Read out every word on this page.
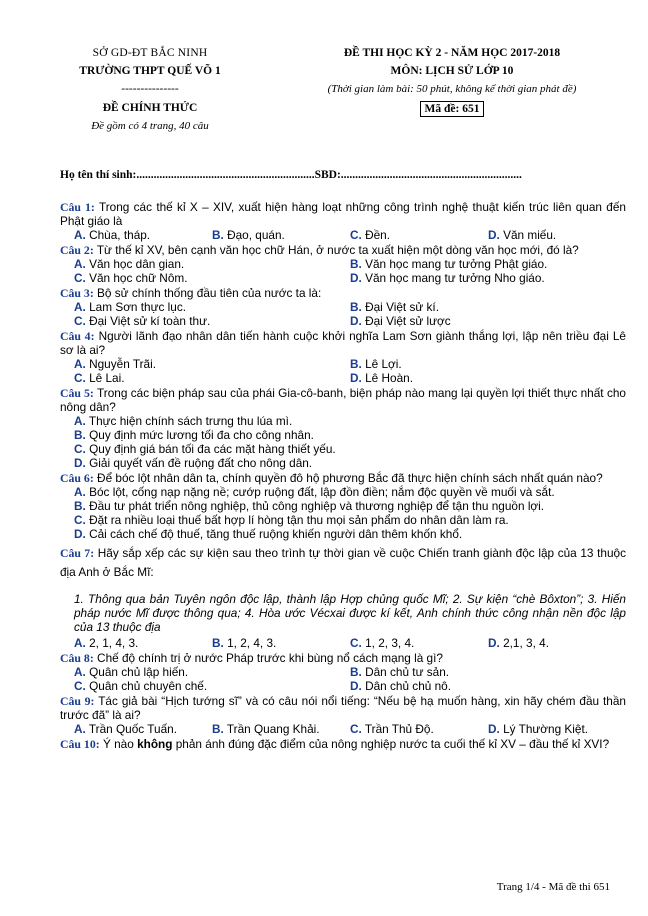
SỞ GD-ĐT BẮC NINH
TRƯỜNG THPT QUẾ VÕ 1
---------------
ĐỀ CHÍNH THỨC
Đề gồm có 4 trang, 40 câu
ĐỀ THI HỌC KỲ 2 - NĂM HỌC 2017-2018
MÔN: LỊCH SỬ LỚP 10
(Thời gian làm bài: 50 phút, không kể thời gian phát đề)
Mã đề: 651
Họ tên thí sinh:..............................................................SBD:...............................................................
Câu 1: Trong các thế kỉ X – XIV, xuất hiện hàng loạt những công trình nghệ thuật kiến trúc liên quan đến Phật giáo là
A. Chùa, tháp.	B. Đạo, quán.	C. Đền.	D. Văn miếu.
Câu 2: Từ thế kỉ XV, bên cạnh văn học chữ Hán, ở nước ta xuất hiện một dòng văn học mới, đó là?
A. Văn học dân gian.	B. Văn học mang tư tưởng Phật giáo.
C. Văn học chữ Nôm.	D. Văn học mang tư tưởng Nho giáo.
Câu 3: Bộ sử chính thống đầu tiên của nước ta là:
A. Lam Sơn thực lục.	B. Đại Việt sử kí.
C. Đại Việt sử kí toàn thư.	D. Đại Việt sử lược
Câu 4: Người lãnh đạo nhân dân tiến hành cuộc khởi nghĩa Lam Sơn giành thắng lợi, lập nên triều đại Lê sơ là ai?
A. Nguyễn Trãi.	B. Lê Lợi.
C. Lê Lai.	D. Lê Hoàn.
Câu 5: Trong các biện pháp sau của phái Gia-cô-banh, biện pháp nào mang lại quyền lợi thiết thực nhất cho nông dân?
A. Thực hiện chính sách trưng thu lúa mì.
B. Quy định mức lương tối đa cho công nhân.
C. Quy định giá bán tối đa các mặt hàng thiết yếu.
D. Giải quyết vấn đề ruộng đất cho nông dân.
Câu 6: Để bóc lột nhân dân ta, chính quyền đô hộ phương Bắc đã thực hiện chính sách nhất quán nào?
A. Bóc lột, cống nạp nặng nề; cướp ruộng đất, lập đồn điền; nắm độc quyền về muối và sắt.
B. Đầu tư phát triển nông nghiệp, thủ công nghiệp và thương nghiệp để tận thu nguồn lợi.
C. Đặt ra nhiều loại thuế bất hợp lí hòng tận thu mọi sản phẩm do nhân dân làm ra.
D. Cải cách chế độ thuế, tăng thuế ruộng khiến người dân thêm khốn khổ.
Câu 7: Hãy sắp xếp các sự kiện sau theo trình tự thời gian về cuộc Chiến tranh giành độc lập của 13 thuộc địa Anh ở Bắc Mĩ:
1. Thông qua bản Tuyên ngôn độc lập, thành lập Hợp chủng quốc Mĩ; 2. Sự kiện “chè Bôxton”; 3. Hiến pháp nước Mĩ được thông qua; 4. Hòa ước Vécxai được kí kết, Anh chính thức công nhận nền độc lập của 13 thuộc địa
A. 2, 1, 4, 3.	B. 1, 2, 4, 3.	C. 1, 2, 3, 4.	D. 2,1, 3, 4.
Câu 8: Chế độ chính trị ở nước Pháp trước khi bùng nổ cách mạng là gì?
A. Quân chủ lập hiến.	B. Dân chủ tư sản.
C. Quân chủ chuyên chế.	D. Dân chủ chủ nô.
Câu 9: Tác giả bài “Hịch tướng sĩ” và có câu nói nổi tiếng: “Nếu bệ hạ muốn hàng, xin hãy chém đầu thần trước đã” là ai?
A. Trần Quốc Tuấn.	B. Trần Quang Khải.	C. Trần Thủ Độ.	D. Lý Thường Kiệt.
Câu 10: Ý nào không phản ánh đúng đặc điểm của nông nghiệp nước ta cuối thế kỉ XV – đầu thế kỉ XVI?
Trang 1/4 - Mã đề thi 651
